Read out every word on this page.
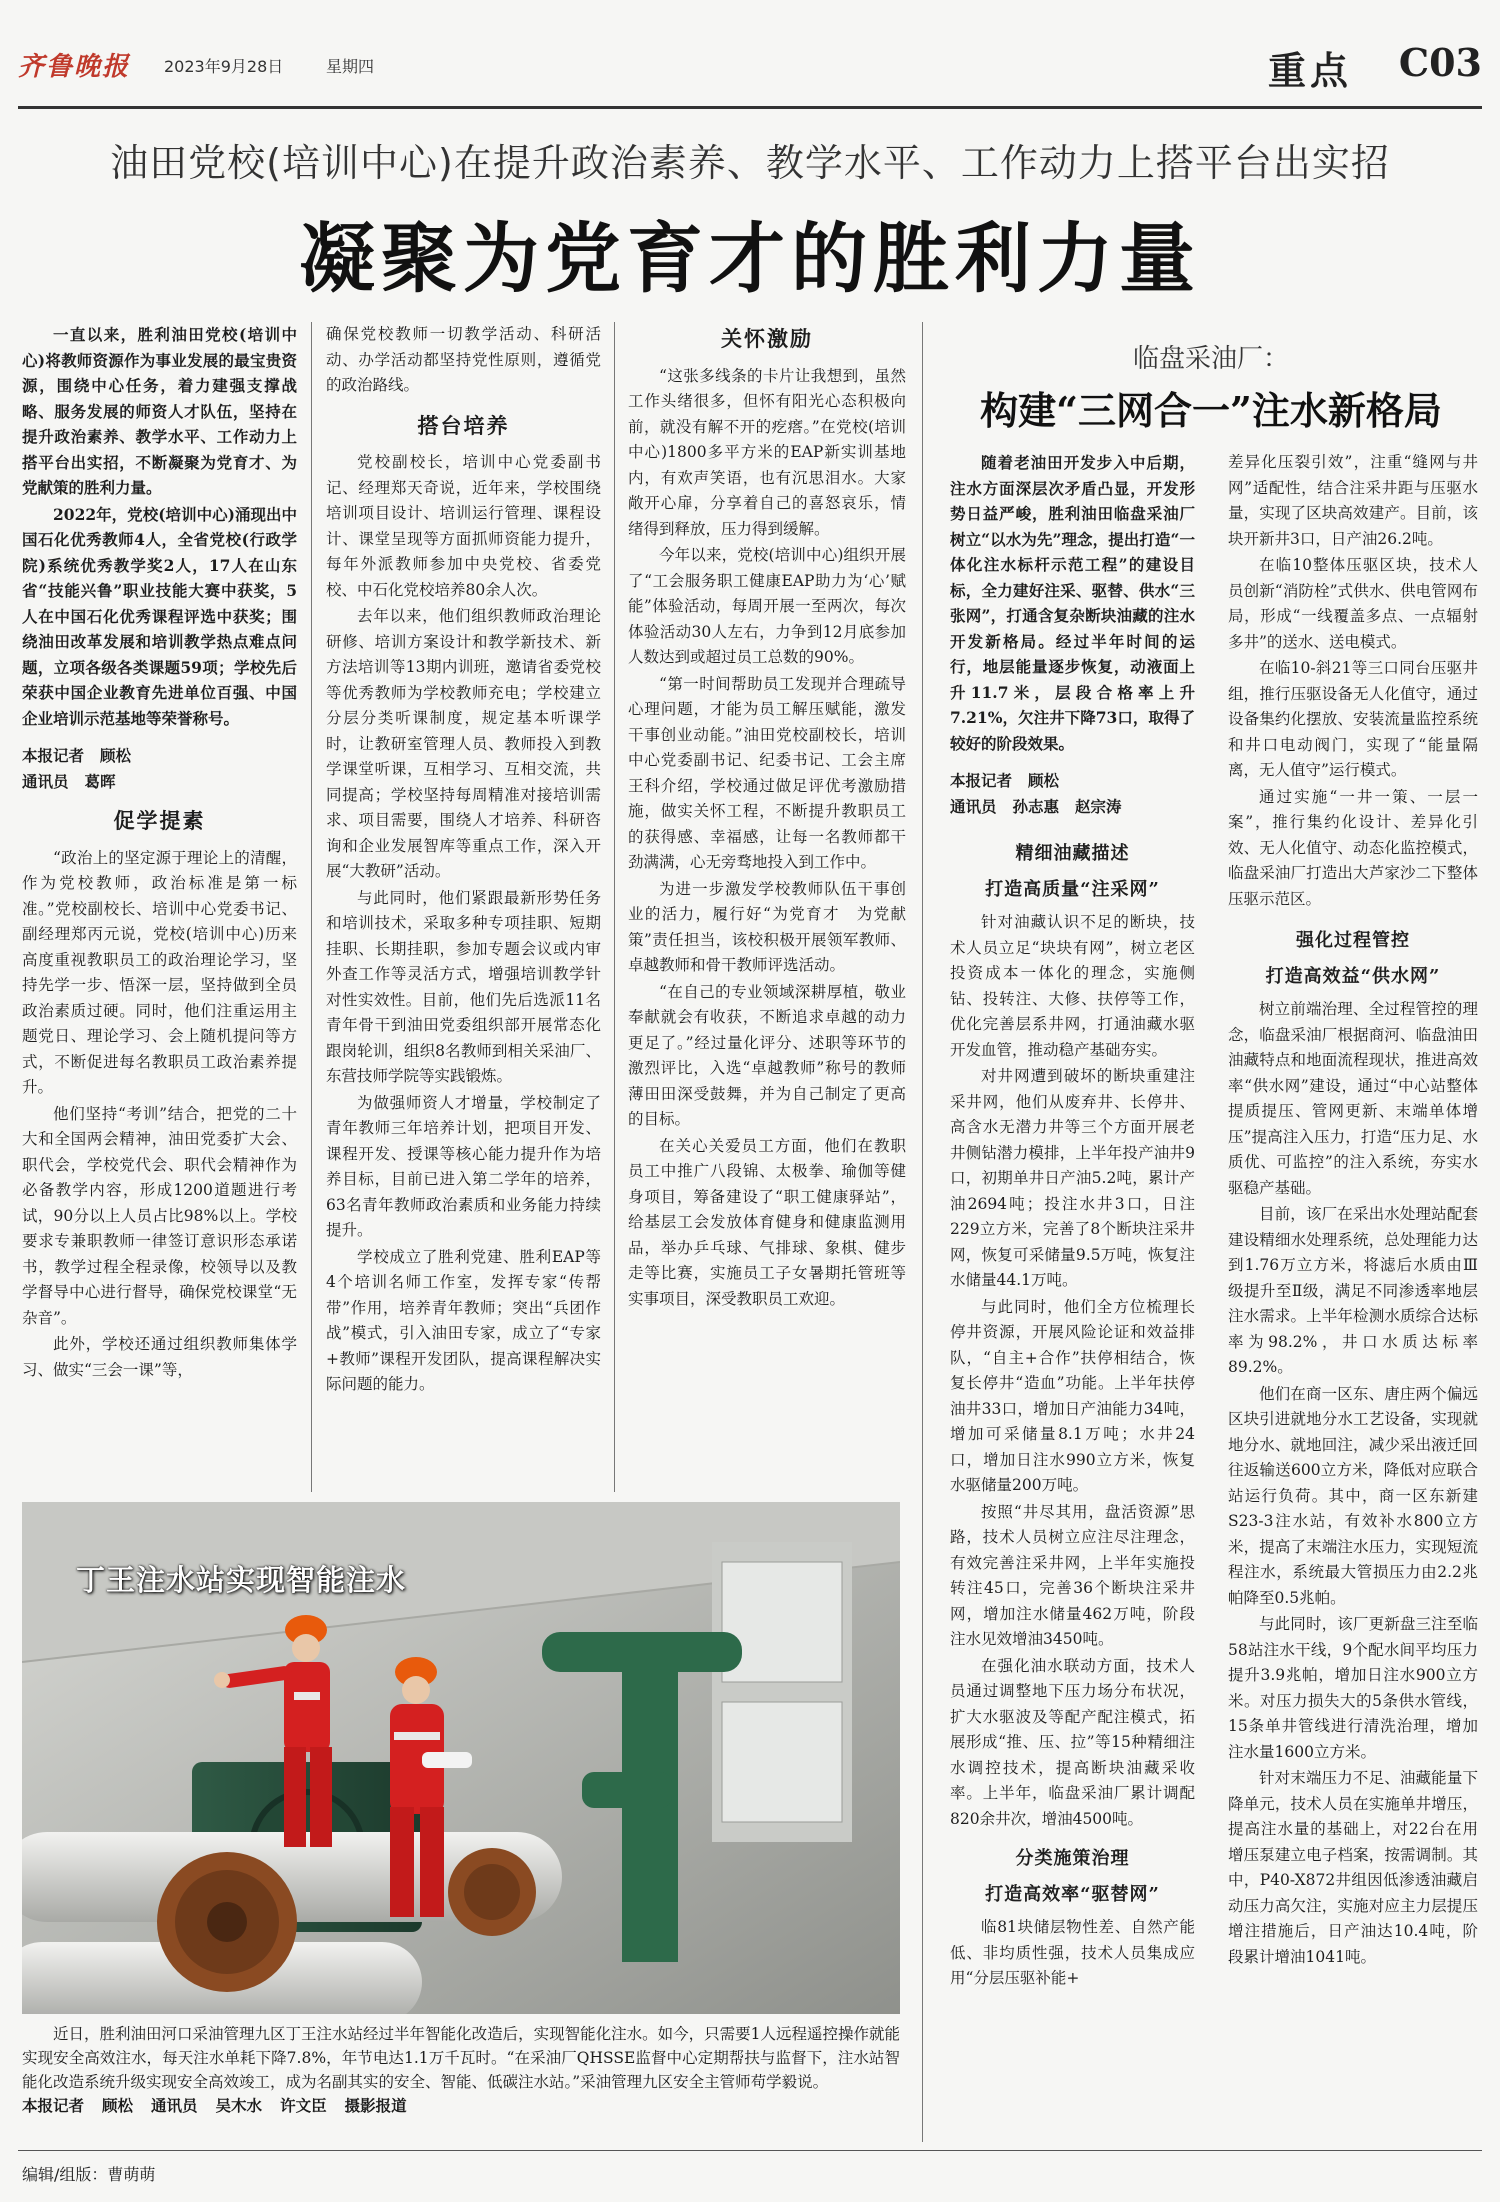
齐鲁晚报 2023年9月28日	星期四	重点 C03
油田党校(培训中心)在提升政治素养、教学水平、工作动力上搭平台出实招
凝聚为党育才的胜利力量

一直以来，胜利油田党校(培训中心)将教师资源作为事业发展的最宝贵资源，围绕中心任务，着力建强支撑战略、服务发展的师资人才队伍，坚持在提升政治素养、教学水平、工作动力上搭平台出实招，不断凝聚为党育才、为党献策的胜利力量。

2022年，党校(培训中心)涌现出中国石化优秀教师4人，全省党校(行政学院)系统优秀教学奖2人，17人在山东省“技能兴鲁”职业技能大赛中获奖，5人在中国石化优秀课程评选中获奖；围绕油田改革发展和培训教学热点难点问题，立项各级各类课题59项；学校先后荣获中国企业教育先进单位百强、中国企业培训示范基地等荣誉称号。

本报记者 顾松
通讯员 葛晖
促学提素

“政治上的坚定源于理论上的清醒，作为党校教师，政治标准是第一标准。”党校副校长、培训中心党委书记、副经理郑丙元说，党校(培训中心)历来高度重视教职员工的政治理论学习，坚持先学一步、悟深一层，坚持做到全员政治素质过硬。同时，他们注重运用主题党日、理论学习、会上随机提问等方式，不断促进每名教职员工政治素养提升。

他们坚持“考训”结合，把党的二十大和全国两会精神，油田党委扩大会、职代会，学校党代会、职代会精神作为必备教学内容，形成1200道题进行考试，90分以上人员占比98%以上。学校要求专兼职教师一律签订意识形态承诺书，教学过程全程录像，校领导以及教学督导中心进行督导，确保党校课堂“无杂音”。

此外，学校还通过组织教师集体学习、做实“三会一课”等，

确保党校教师一切教学活动、科研活动、办学活动都坚持党性原则，遵循党的政治路线。

搭台培养

党校副校长，培训中心党委副书记、经理郑天奇说，近年来，学校围绕培训项目设计、培训运行管理、课程设计、课堂呈现等方面抓师资能力提升，每年外派教师参加中央党校、省委党校、中石化党校培养80余人次。

去年以来，他们组织教师政治理论研修、培训方案设计和教学新技术、新方法培训等13期内训班，邀请省委党校等优秀教师为学校教师充电；学校建立分层分类听课制度，规定基本听课学时，让教研室管理人员、教师投入到教学课堂听课，互相学习、互相交流，共同提高；学校坚持每周精准对接培训需求、项目需要，围绕人才培养、科研咨询和企业发展智库等重点工作，深入开展“大教研”活动。

与此同时，他们紧跟最新形势任务和培训技术，采取多种专项挂职、短期挂职、长期挂职，参加专题会议或内审外查工作等灵活方式，增强培训教学针对性实效性。目前，他们先后选派11名青年骨干到油田党委组织部开展常态化跟岗轮训，组织8名教师到相关采油厂、东营技师学院等实践锻炼。

为做强师资人才增量，学校制定了青年教师三年培养计划，把项目开发、课程开发、授课等核心能力提升作为培养目标，目前已进入第二学年的培养，63名青年教师政治素质和业务能力持续提升。

学校成立了胜利党建、胜利EAP等4个培训名师工作室，发挥专家“传帮带”作用，培养青年教师；突出“兵团作战”模式，引入油田专家，成立了“专家+教师”课程开发团队，提高课程解决实际问题的能力。

关怀激励

“这张多线条的卡片让我想到，虽然工作头绪很多，但怀有阳光心态积极向前，就没有解不开的疙瘩。”在党校(培训中心)1800多平方米的EAP新实训基地内，有欢声笑语，也有沉思泪水。大家敞开心扉，分享着自己的喜怒哀乐，情绪得到释放，压力得到缓解。

今年以来，党校(培训中心)组织开展了“工会服务职工健康EAP助力为‘心’赋能”体验活动，每周开展一至两次，每次体验活动30人左右，力争到12月底参加人数达到或超过员工总数的90%。

“第一时间帮助员工发现并合理疏导心理问题，才能为员工解压赋能，激发干事创业动能。”油田党校副校长，培训中心党委副书记、纪委书记、工会主席王科介绍，学校通过做足评优考激励措施，做实关怀工程，不断提升教职员工的获得感、幸福感，让每一名教师都干劲满满，心无旁骛地投入到工作中。

为进一步激发学校教师队伍干事创业的活力，履行好“为党育才　为党献策”责任担当，该校积极开展领军教师、卓越教师和骨干教师评选活动。

“在自己的专业领域深耕厚植，敬业奉献就会有收获，不断追求卓越的动力更足了。”经过量化评分、述职等环节的激烈评比，入选“卓越教师”称号的教师薄田田深受鼓舞，并为自己制定了更高的目标。

在关心关爱员工方面，他们在教职员工中推广八段锦、太极拳、瑜伽等健身项目，筹备建设了“职工健康驿站”，给基层工会发放体育健身和健康监测用品，举办乒乓球、气排球、象棋、健步走等比赛，实施员工子女暑期托管班等实事项目，深受教职员工欢迎。

临盘采油厂：
构建“三网合一”注水新格局

随着老油田开发步入中后期，注水方面深层次矛盾凸显，开发形势日益严峻，胜利油田临盘采油厂树立“以水为先”理念，提出打造“一体化注水标杆示范工程”的建设目标，全力建好注采、驱替、供水“三张网”，打通含复杂断块油藏的注水开发新格局。经过半年时间的运行，地层能量逐步恢复，动液面上升11.7米，层段合格率上升7.21%，欠注井下降73口，取得了较好的阶段效果。

本报记者 顾松
通讯员 孙志惠 赵宗涛
精细油藏描述
打造高质量“注采网”

针对油藏认识不足的断块，技术人员立足“块块有网”，树立老区投资成本一体化的理念，实施侧钻、投转注、大修、扶停等工作，优化完善层系井网，打通油藏水驱开发血管，推动稳产基础夯实。

对井网遭到破坏的断块重建注采井网，他们从废弃井、长停井、高含水无潜力井等三个方面开展老井侧钻潜力模排，上半年投产油井9口，初期单井日产油5.2吨，累计产油2694吨；投注水井3口，日注229立方米，完善了8个断块注采井网，恢复可采储量9.5万吨，恢复注水储量44.1万吨。

与此同时，他们全方位梳理长停井资源，开展风险论证和效益排队，“自主+合作”扶停相结合，恢复长停井“造血”功能。上半年扶停油井33口，增加日产油能力34吨，增加可采储量8.1万吨；水井24口，增加日注水990立方米，恢复水驱储量200万吨。

按照“井尽其用，盘活资源”思路，技术人员树立应注尽注理念，有效完善注采井网，上半年实施投转注45口，完善36个断块注采井网，增加注水储量462万吨，阶段注水见效增油3450吨。

在强化油水联动方面，技术人员通过调整地下压力场分布状况，扩大水驱波及等配产配注模式，拓展形成“推、压、拉”等15种精细注水调控技术，提高断块油藏采收率。上半年，临盘采油厂累计调配820余井次，增油4500吨。

分类施策治理
打造高效率“驱替网”

临81块储层物性差、自然产能低、非均质性强，技术人员集成应用“分层压驱补能+

差异化压裂引效”，注重“缝网与井网”适配性，结合注采井距与压驱水量，实现了区块高效建产。目前，该块开新井3口，日产油26.2吨。

在临10整体压驱区块，技术人员创新“消防栓”式供水、供电管网布局，形成“一线覆盖多点、一点辐射多井”的送水、送电模式。

在临10-斜21等三口同台压驱井组，推行压驱设备无人化值守，通过设备集约化摆放、安装流量监控系统和井口电动阀门，实现了“能量隔离，无人值守”运行模式。

通过实施“一井一策、一层一案”，推行集约化设计、差异化引效、无人化值守、动态化监控模式，临盘采油厂打造出大芦家沙二下整体压驱示范区。

强化过程管控
打造高效益“供水网”

树立前端治理、全过程管控的理念，临盘采油厂根据商河、临盘油田油藏特点和地面流程现状，推进高效率“供水网”建设，通过“中心站整体提质提压、管网更新、末端单体增压”提高注入压力，打造“压力足、水质优、可监控”的注入系统，夯实水驱稳产基础。

目前，该厂在采出水处理站配套建设精细水处理系统，总处理能力达到1.76万立方米，将滤后水质由Ⅲ级提升至Ⅱ级，满足不同渗透率地层注水需求。上半年检测水质综合达标率为98.2%，井口水质达标率89.2%。

他们在商一区东、唐庄两个偏远区块引进就地分水工艺设备，实现就地分水、就地回注，减少采出液迁回往返输送600立方米，降低对应联合站运行负荷。其中，商一区东新建S23-3注水站，有效补水800立方米，提高了末端注水压力，实现短流程注水，系统最大管损压力由2.2兆帕降至0.5兆帕。

与此同时，该厂更新盘三注至临58站注水干线，9个配水间平均压力提升3.9兆帕，增加日注水900立方米。对压力损失大的5条供水管线，15条单井管线进行清洗治理，增加注水量1600立方米。

针对末端压力不足、油藏能量下降单元，技术人员在实施单井增压，提高注水量的基础上，对22台在用增压泵建立电子档案，按需调制。其中，P40-X872井组因低渗透油藏启动压力高欠注，实施对应主力层提压增注措施后，日产油达10.4吨，阶段累计增油1041吨。

丁王注水站实现智能注水

近日，胜利油田河口采油管理九区丁王注水站经过半年智能化改造后，实现智能化注水。如今，只需要1人远程遥控操作就能实现安全高效注水，每天注水单耗下降7.8%，年节电达1.1万千瓦时。“在采油厂QHSSE监督中心定期帮扶与监督下，注水站智能化改造系统升级实现安全高效竣工，成为名副其实的安全、智能、低碳注水站。”采油管理九区安全主管师苟学毅说。

本报记者 顾松 通讯员 吴木水 许文臣 摄影报道
编辑/组版：曹萌萌
